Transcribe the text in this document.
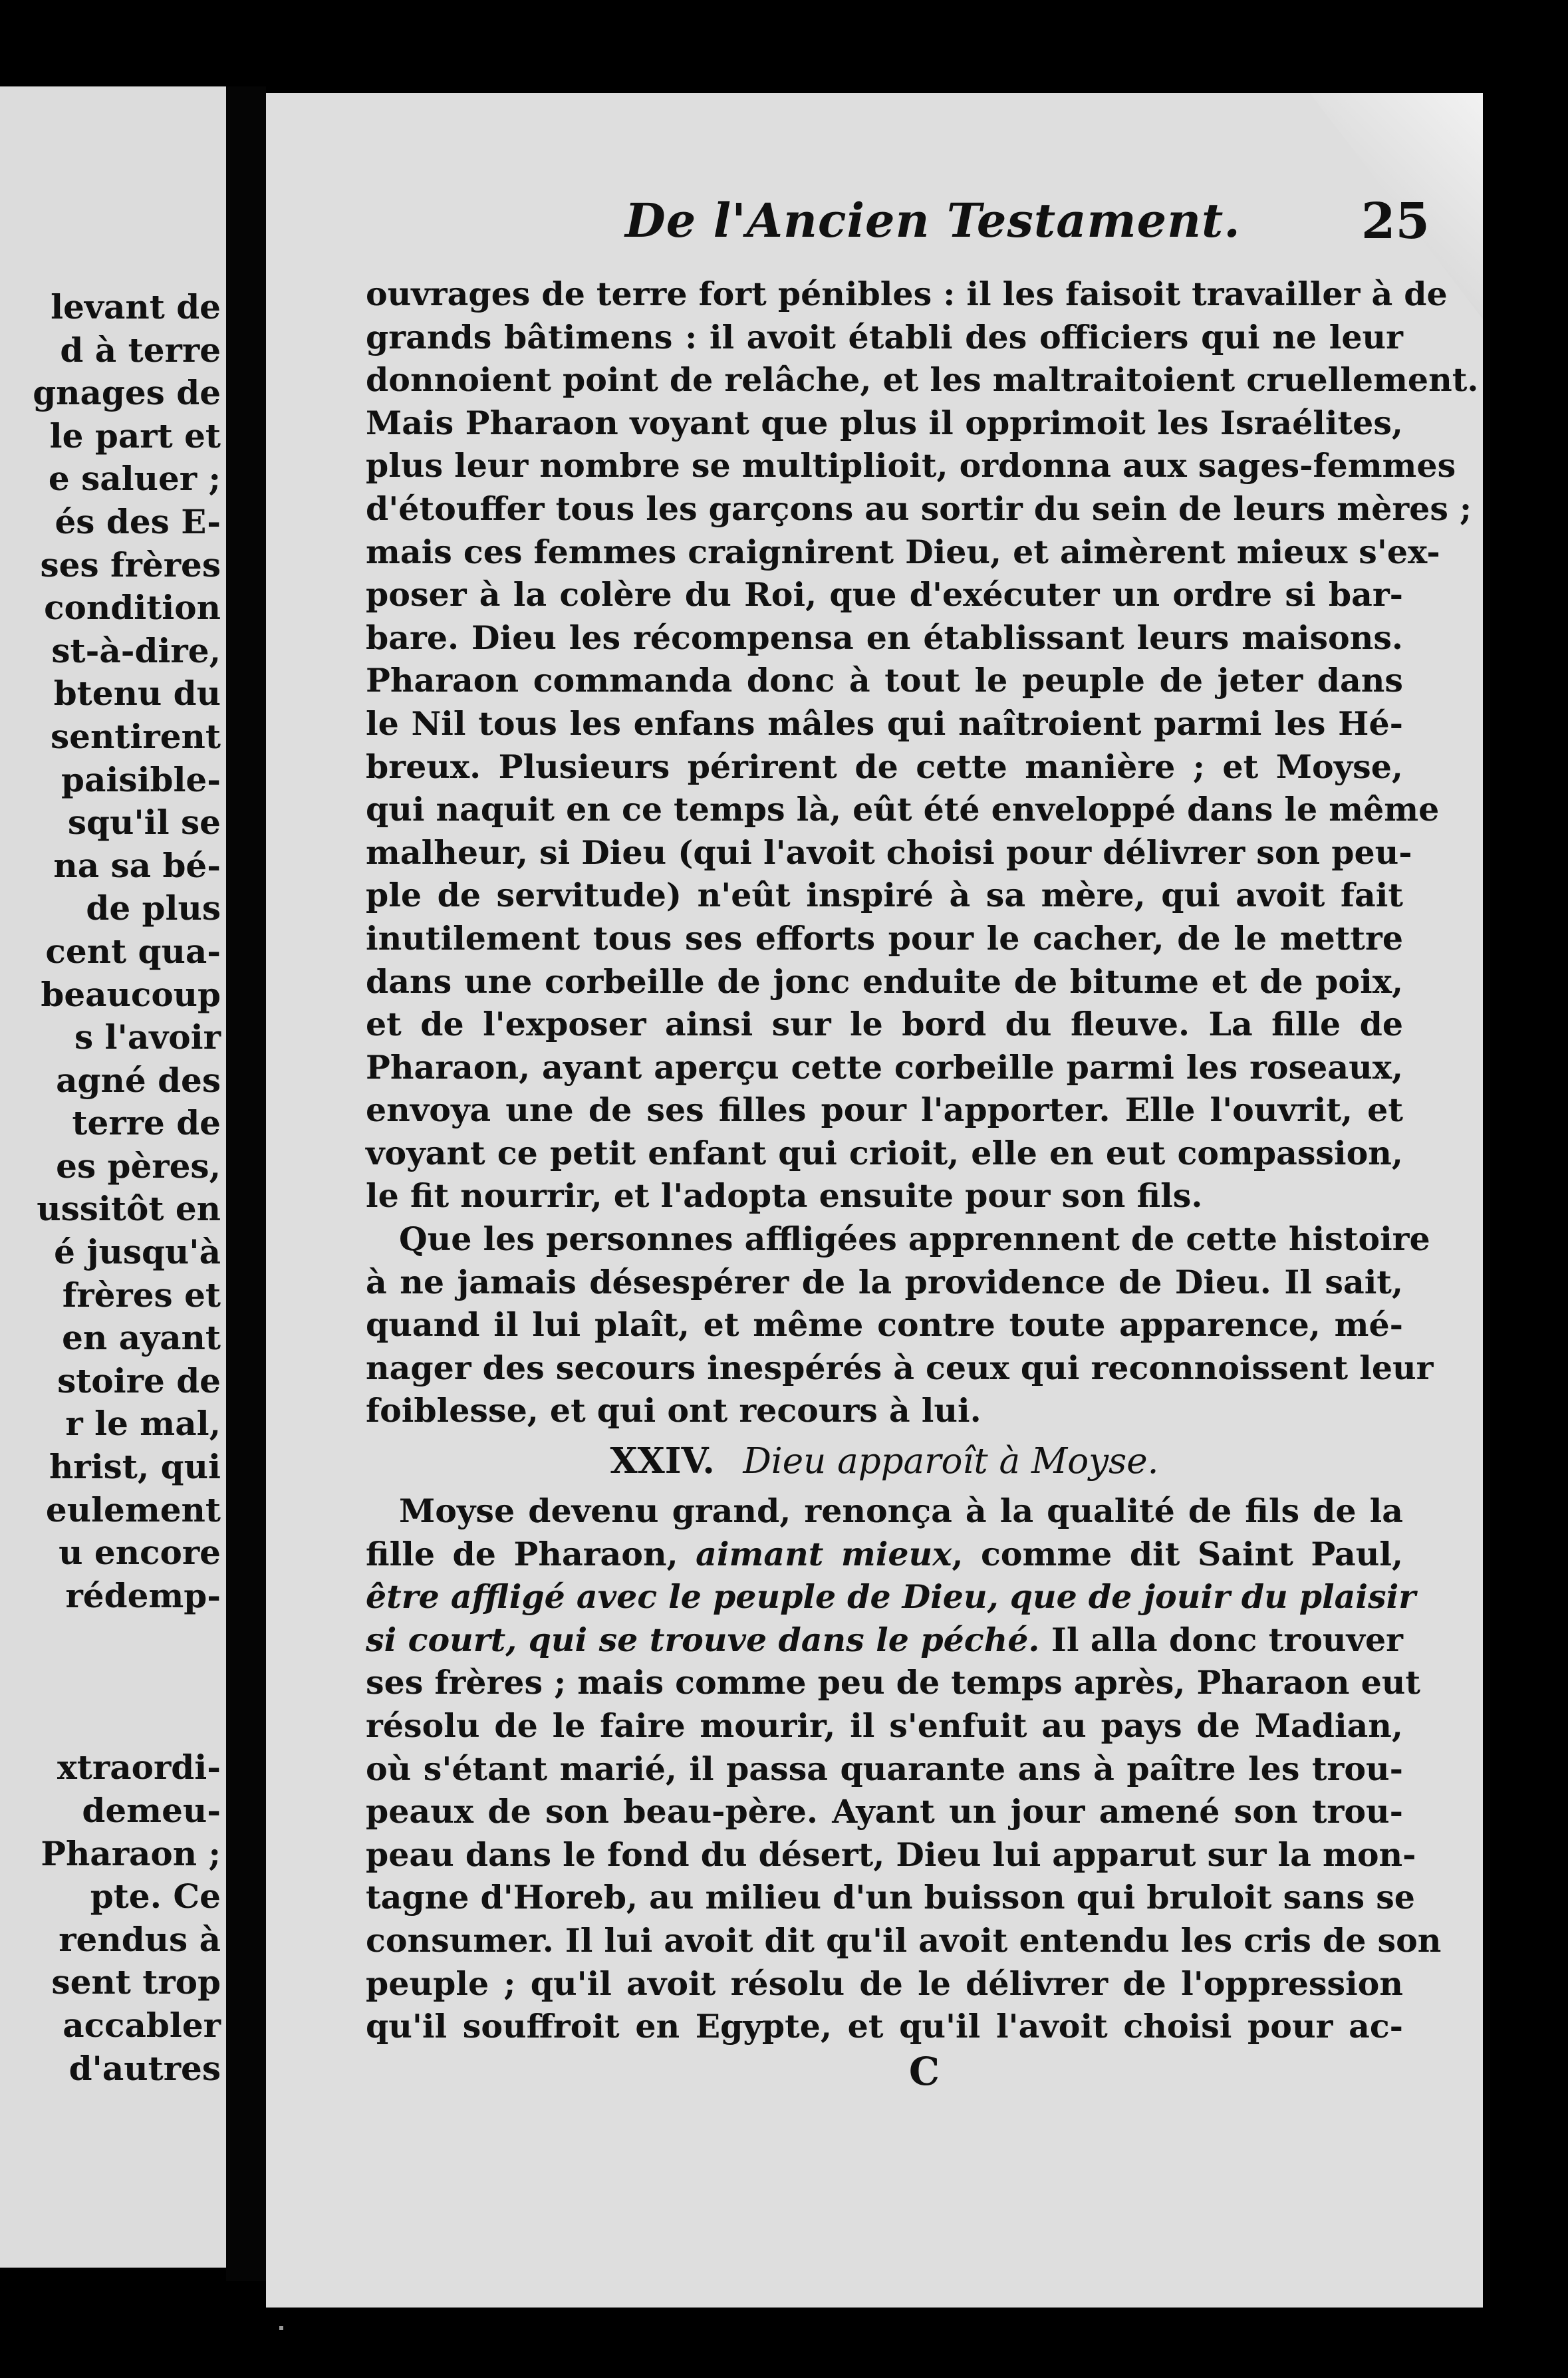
levant de
d à terre
gnages de
le part et
e saluer ;
és des E-
ses frères
condition
st-à-dire,
btenu du
sentirent
paisible-
squ'il se
na sa bé-
de plus
cent qua-
beaucoup
s l'avoir
agné des
terre de
es pères,
ussitôt en
é jusqu'à
frères et
en ayant
stoire de
r le mal,
hrist, qui
eulement
u encore
rédemp-
xtraordi-
demeu-
Pharaon ;
pte. Ce
rendus à
sent trop
accabler
d'autres
De l'Ancien Testament. 25
ouvrages de terre fort pénibles : il les faisoit travailler à de
grands bâtimens : il avoit établi des officiers qui ne leur
donnoient point de relâche, et les maltraitoient cruellement.
Mais Pharaon voyant que plus il opprimoit les Israélites,
plus leur nombre se multiplioit, ordonna aux sages-femmes
d'étouffer tous les garçons au sortir du sein de leurs mères ;
mais ces femmes craignirent Dieu, et aimèrent mieux s'ex-
poser à la colère du Roi, que d'exécuter un ordre si bar-
bare. Dieu les récompensa en établissant leurs maisons.
Pharaon commanda donc à tout le peuple de jeter dans
le Nil tous les enfans mâles qui naîtroient parmi les Hé-
breux. Plusieurs périrent de cette manière ; et Moyse,
qui naquit en ce temps là, eût été enveloppé dans le même
malheur, si Dieu (qui l'avoit choisi pour délivrer son peu-
ple de servitude) n'eût inspiré à sa mère, qui avoit fait
inutilement tous ses efforts pour le cacher, de le mettre
dans une corbeille de jonc enduite de bitume et de poix,
et de l'exposer ainsi sur le bord du fleuve. La fille de
Pharaon, ayant aperçu cette corbeille parmi les roseaux,
envoya une de ses filles pour l'apporter. Elle l'ouvrit, et
voyant ce petit enfant qui crioit, elle en eut compassion,
le fit nourrir, et l'adopta ensuite pour son fils.
Que les personnes affligées apprennent de cette histoire
à ne jamais désespérer de la providence de Dieu. Il sait,
quand il lui plaît, et même contre toute apparence, mé-
nager des secours inespérés à ceux qui reconnoissent leur
foiblesse, et qui ont recours à lui.
XXIV. Dieu apparoît à Moyse.
Moyse devenu grand, renonça à la qualité de fils de la
fille de Pharaon, aimant mieux, comme dit Saint Paul,
être affligé avec le peuple de Dieu, que de jouir du plaisir
si court, qui se trouve dans le péché. Il alla donc trouver
ses frères ; mais comme peu de temps après, Pharaon eut
résolu de le faire mourir, il s'enfuit au pays de Madian,
où s'étant marié, il passa quarante ans à paître les trou-
peaux de son beau-père. Ayant un jour amené son trou-
peau dans le fond du désert, Dieu lui apparut sur la mon-
tagne d'Horeb, au milieu d'un buisson qui bruloit sans se
consumer. Il lui avoit dit qu'il avoit entendu les cris de son
peuple ; qu'il avoit résolu de le délivrer de l'oppression
qu'il souffroit en Egypte, et qu'il l'avoit choisi pour ac-
C
